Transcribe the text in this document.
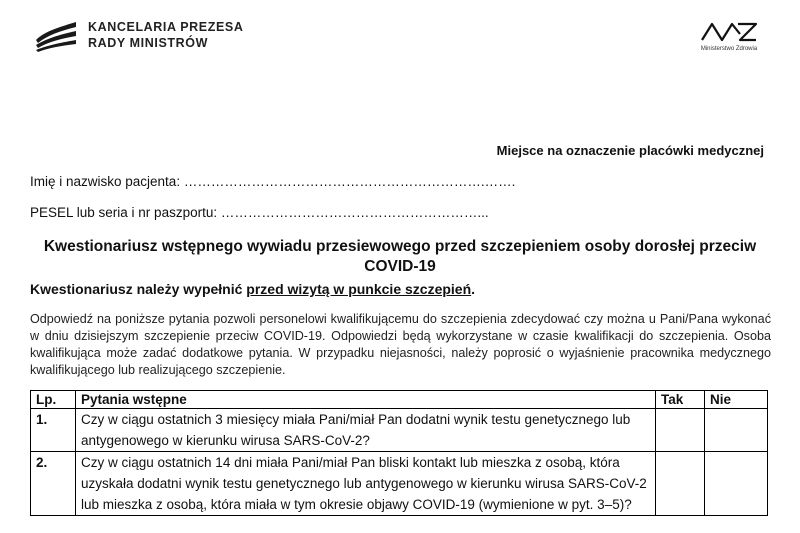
KANCELARIA PREZESA
RADY MINISTRÓW	Ministerstwo Zdrowia
Miejsce na oznaczenie placówki medycznej
Imię i nazwisko pacjenta: ………………………………………………………….…….
PESEL lub seria i nr paszportu: …………………………………………………...
Kwestionariusz wstępnego wywiadu przesiewowego przed szczepieniem osoby dorosłej przeciw COVID-19
Kwestionariusz należy wypełnić przed wizytą w punkcie szczepień.
Odpowiedź na poniższe pytania pozwoli personelowi kwalifikującemu do szczepienia zdecydować czy można u Pani/Pana wykonać w dniu dzisiejszym szczepienie przeciw COVID-19. Odpowiedzi będą wykorzystane w czasie kwalifikacji do szczepienia. Osoba kwalifikująca może zadać dodatkowe pytania. W przypadku niejasności, należy poprosić o wyjaśnienie pracownika medycznego kwalifikującego lub realizującego szczepienie.
Lp.	Pytania wstępne	Tak	Nie
1.	Czy w ciągu ostatnich 3 miesięcy miała Pani/miał Pan dodatni wynik testu genetycznego lub antygenowego w kierunku wirusa SARS-CoV-2?		
2.	Czy w ciągu ostatnich 14 dni miała Pani/miał Pan bliski kontakt lub mieszka z osobą, która uzyskała dodatni wynik testu genetycznego lub antygenowego w kierunku wirusa SARS-CoV-2 lub mieszka z osobą, która miała w tym okresie objawy COVID-19 (wymienione w pyt. 3–5)?		
